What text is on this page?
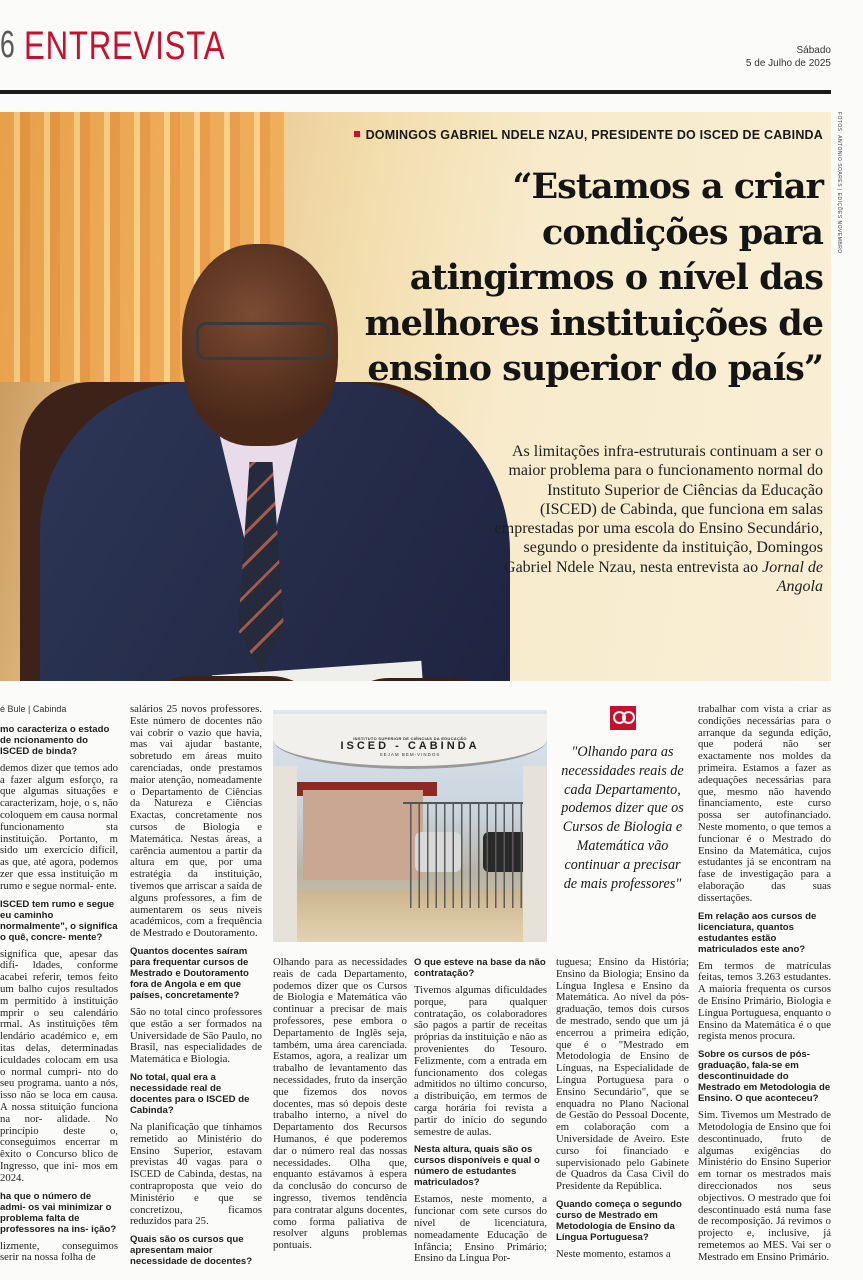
6 ENTREVISTA	Sábado
5 de Julho de 2025
FOTOS: ANTONIO SOARES | EDIÇÕES NOVEMBRO
DOMINGOS GABRIEL NDELE NZAU, PRESIDENTE DO ISCED DE CABINDA
“Estamos a criar condições para atingirmos o nível das melhores instituições de ensino superior do país”
As limitações infra-estruturais continuam a ser o maior problema para o funcionamento normal do Instituto Superior de Ciências da Educação (ISCED) de Cabinda, que funciona em salas emprestadas por uma escola do Ensino Secundário, segundo o presidente da instituição, Domingos Gabriel Ndele Nzau, nesta entrevista ao Jornal de Angola
é Bule | Cabinda

mo caracteriza o estado de ncionamento do ISCED de binda?

demos dizer que temos ado a fazer algum esforço, ra que algumas situações e caracterizam, hoje, o s, não coloquem em causa normal funcionamento sta instituição. Portanto, m sido um exercício difícil, as que, até agora, podemos zer que essa instituição m rumo e segue normal- ente.

ISCED tem rumo e segue eu caminho normalmente", o significa o quê, concre- mente?

significa que, apesar das difi- ldades, conforme acabei referir, temos feito um balho cujos resultados m permitido à instituição mprir o seu calendário rmal. As instituições têm lendário académico e, em itas delas, determinadas iculdades colocam em usa o normal cumpri- nto do seu programa. uanto a nós, isso não se loca em causa. A nossa stituição funciona na nor- alidade. No princípio deste o, conseguimos encerrar m êxito o Concurso blico de Ingresso, que ini- mos em 2024.

ha que o número de admi- os vai minimizar o problema falta de professores na ins- ição?

lizmente, conseguimos serir na nossa folha de

salários 25 novos professores. Este número de docentes não vai cobrir o vazio que havia, mas vai ajudar bastante, sobretudo em áreas muito carenciadas, onde prestamos maior atenção, nomeadamente o Departamento de Ciências da Natureza e Ciências Exactas, concretamente nos cursos de Biologia e Matemática. Nestas áreas, a carência aumentou a partir da altura em que, por uma estratégia da instituição, tivemos que arriscar a saída de alguns professores, a fim de aumentarem os seus níveis académicos, com a frequência de Mestrado e Doutoramento.

Quantos docentes saíram para frequentar cursos de Mestrado e Doutoramento fora de Angola e em que países, concretamente?

São no total cinco professores que estão a ser formados na Universidade de São Paulo, no Brasil, nas especialidades de Matemática e Biologia.

No total, qual era a necessidade real de docentes para o ISCED de Cabinda?

Na planificação que tínhamos remetido ao Ministério do Ensino Superior, estavam previstas 40 vagas para o ISCED de Cabinda, destas, na contraproposta que veio do Ministério e que se concretizou, ficamos reduzidos para 25.

Quais são os cursos que apresentam maior necessidade de docentes?

INSTITUTO SUPERIOR DE CIÊNCIAS DA EDUCAÇÃO
ISCED - CABINDA
SEJAM BEM-VINDOS

Olhando para as necessidades reais de cada Departamento, podemos dizer que os Cursos de Biologia e Matemática vão continuar a precisar de mais professores, pese embora o Departamento de Inglês seja, também, uma área carenciada. Estamos, agora, a realizar um trabalho de levantamento das necessidades, fruto da inserção que fizemos dos novos docentes, mas só depois deste trabalho interno, a nível do Departamento dos Recursos Humanos, é que poderemos dar o número real das nossas necessidades. Olha que, enquanto estávamos à espera da conclusão do concurso de ingresso, tivemos tendência para contratar alguns docentes, como forma paliativa de resolver alguns problemas pontuais.

O que esteve na base da não contratação?

Tivemos algumas dificuldades porque, para qualquer contratação, os colaboradores são pagos a partir de receitas próprias da instituição e não as provenientes do Tesouro. Felizmente, com a entrada em funcionamento dos colegas admitidos no último concurso, a distribuição, em termos de carga horária foi revista a partir do início do segundo semestre de aulas.

Nesta altura, quais são os cursos disponíveis e qual o número de estudantes matriculados?

Estamos, neste momento, a funcionar com sete cursos do nível de licenciatura, nomeadamente Educação de Infância; Ensino Primário; Ensino da Língua Por-

"Olhando para as necessidades reais de cada Departamento, podemos dizer que os Cursos de Biologia e Matemática vão continuar a precisar de mais professores"

tuguesa; Ensino da História; Ensino da Biologia; Ensino da Língua Inglesa e Ensino da Matemática. Ao nível da pós-graduação, temos dois cursos de mestrado, sendo que um já encerrou a primeira edição, que é o "Mestrado em Metodologia de Ensino de Línguas, na Especialidade de Língua Portuguesa para o Ensino Secundário", que se enquadra no Plano Nacional de Gestão do Pessoal Docente, em colaboração com a Universidade de Aveiro. Este curso foi financiado e supervisionado pelo Gabinete de Quadros da Casa Civil do Presidente da República.

Quando começa o segundo curso de Mestrado em Metodologia de Ensino da Língua Portuguesa?

Neste momento, estamos a

trabalhar com vista a criar as condições necessárias para o arranque da segunda edição, que poderá não ser exactamente nos moldes da primeira. Estamos a fazer as adequações necessárias para que, mesmo não havendo financiamento, este curso possa ser autofinanciado. Neste momento, o que temos a funcionar é o Mestrado do Ensino da Matemática, cujos estudantes já se encontram na fase de investigação para a elaboração das suas dissertações.

Em relação aos cursos de licenciatura, quantos estudantes estão matriculados este ano?

Em termos de matrículas feitas, temos 3.263 estudantes. A maioria frequenta os cursos de Ensino Primário, Biologia e Língua Portuguesa, enquanto o Ensino da Matemática é o que regista menos procura.

Sobre os cursos de pós-graduação, fala-se em descontinuidade do Mestrado em Metodologia de Ensino. O que aconteceu?

Sim. Tivemos um Mestrado de Metodologia de Ensino que foi descontinuado, fruto de algumas exigências do Ministério do Ensino Superior em tornar os mestrados mais direccionados nos seus objectivos. O mestrado que foi descontinuado está numa fase de recomposição. Já revimos o projecto e, inclusive, já remetemos ao MES. Vai ser o Mestrado em Ensino Primário.
